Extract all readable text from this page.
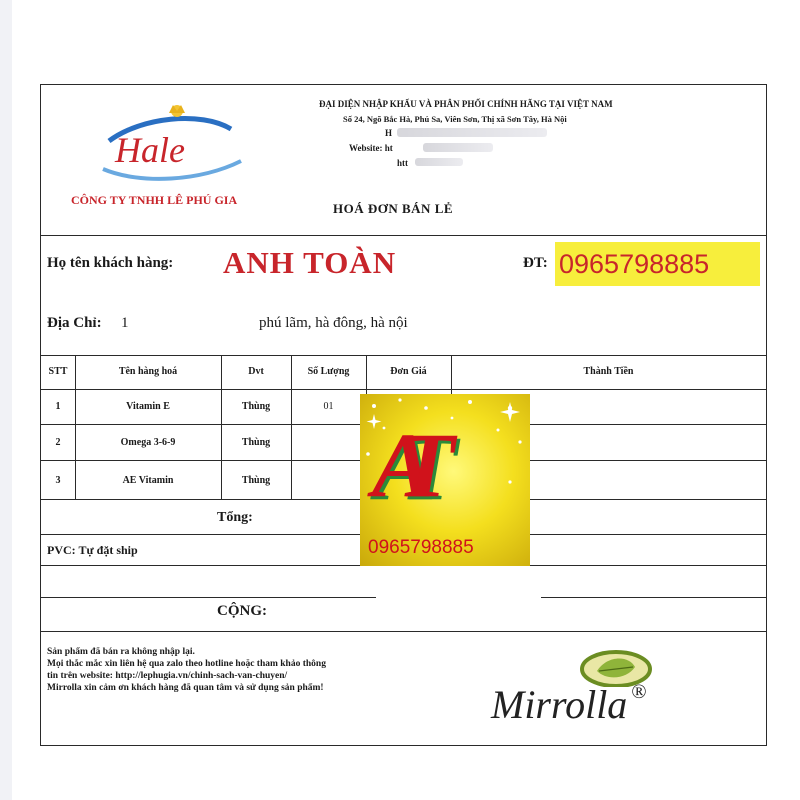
Hale
CÔNG TY TNHH LÊ PHÚ GIA
ĐẠI DIỆN NHẬP KHẨU VÀ PHÂN PHỐI CHÍNH HÃNG TẠI VIỆT NAM
Số 24, Ngõ Bắc Hà, Phú Sa, Viên Sơn, Thị xã Sơn Tây, Hà Nội
H
Website: ht
htt
HOÁ ĐƠN BÁN LẺ
Họ tên khách hàng: ANH TOÀN	ĐT: 0965798885
Địa Chỉ: 1	phú lãm, hà đông, hà nội
STT	Tên hàng hoá	Dvt	Số Lượng	Đơn Giá	Thành Tiền
1	Vitamin E	Thùng	01
2	Omega 3-6-9	Thùng
3	AE Vitamin	Thùng
Tổng:
PVC: Tự đặt ship
CỘNG:
Sản phẩm đã bán ra không nhập lại.
Mọi thắc mắc xin liên hệ qua zalo theo hotline hoặc tham khảo thông
tin trên website: http://lephugia.vn/chinh-sach-van-chuyen/
Mirrolla xin cảm ơn khách hàng đã quan tâm và sử dụng sản phẩm!	Mirrolla ®
AT
0965798885
